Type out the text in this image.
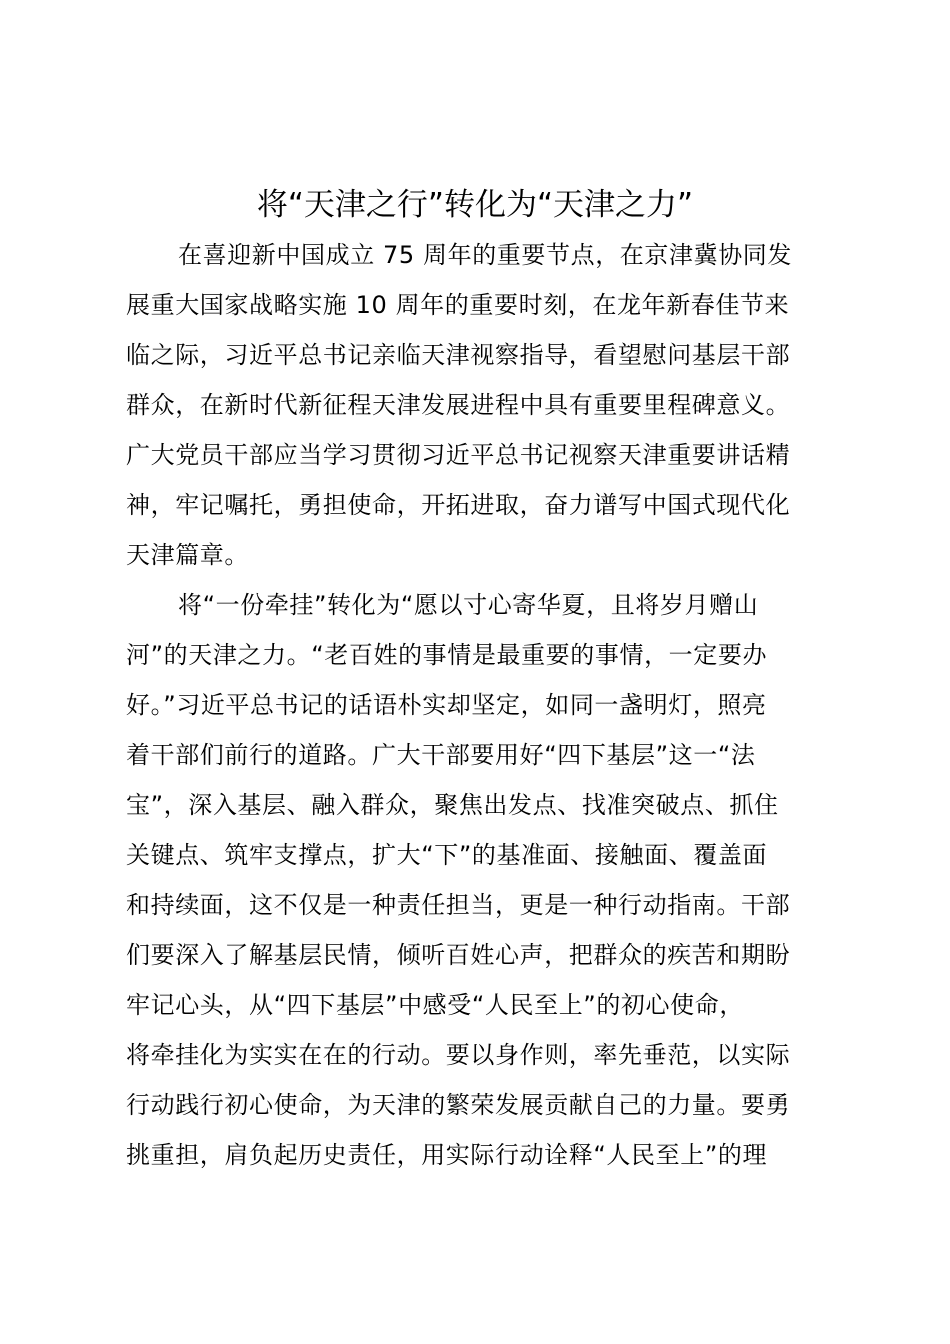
将“天津之行”转化为“天津之力”
在喜迎新中国成立 75 周年的重要节点，在京津冀协同发
展重大国家战略实施 10 周年的重要时刻，在龙年新春佳节来
临之际，习近平总书记亲临天津视察指导，看望慰问基层干部
群众，在新时代新征程天津发展进程中具有重要里程碑意义。
广大党员干部应当学习贯彻习近平总书记视察天津重要讲话精
神，牢记嘱托，勇担使命，开拓进取，奋力谱写中国式现代化
天津篇章。
将“一份牵挂”转化为“愿以寸心寄华夏，且将岁月赠山
河”的天津之力。“老百姓的事情是最重要的事情，一定要办
好。”习近平总书记的话语朴实却坚定，如同一盏明灯，照亮
着干部们前行的道路。广大干部要用好“四下基层”这一“法
宝”，深入基层、融入群众，聚焦出发点、找准突破点、抓住
关键点、筑牢支撑点，扩大“下”的基准面、接触面、覆盖面
和持续面，这不仅是一种责任担当，更是一种行动指南。干部
们要深入了解基层民情，倾听百姓心声，把群众的疾苦和期盼
牢记心头，从“四下基层”中感受“人民至上”的初心使命，
将牵挂化为实实在在的行动。要以身作则，率先垂范，以实际
行动践行初心使命，为天津的繁荣发展贡献自己的力量。要勇
挑重担，肩负起历史责任，用实际行动诠释“人民至上”的理
